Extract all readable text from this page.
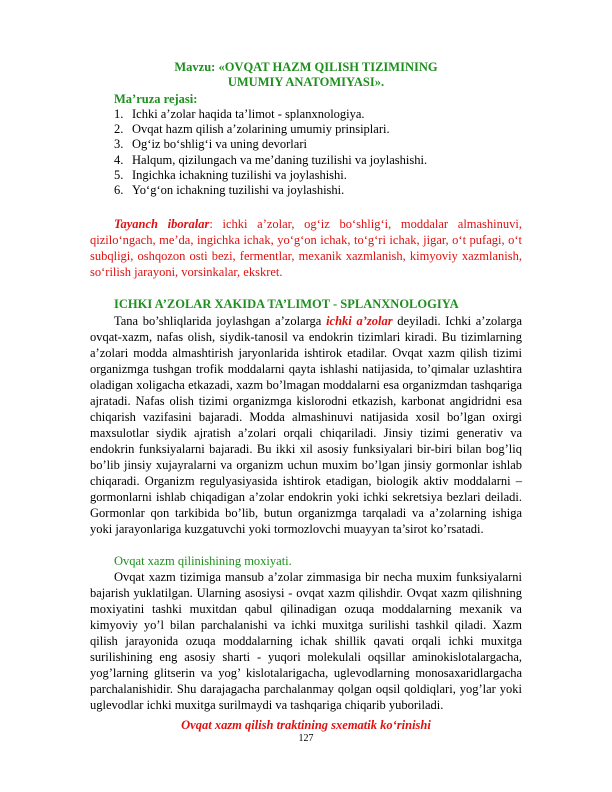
Mavzu: «OVQAT HAZM QILISH TIZIMINING
UMUMIY ANATOMIYASI».
Ma’ruza rejasi:
1. Ichki a’zolar haqida ta’limot - splanxnologiya.
2. Ovqat hazm qilish a’zolarining umumiy prinsiplari.
3. Og‘iz bo‘shlig‘i va uning devorlari
4. Halqum, qizilungach va me’daning tuzilishi va joylashishi.
5. Ingichka ichakning tuzilishi va joylashishi.
6. Yo‘g‘on ichakning tuzilishi va joylashishi.

Tayanch iboralar: ichki a’zolar, og‘iz bo‘shlig‘i, moddalar almashinuvi, qizilo‘ngach, me’da, ingichka ichak, yo‘g‘on ichak, to‘g‘ri ichak, jigar, o‘t pufagi, o‘t subqligi, oshqozon osti bezi, fermentlar, mexanik xazmlanish, kimyoviy xazmlanish, so‘rilish jarayoni, vorsinkalar, ekskret.

ICHKI A’ZOLAR XAKIDA TA’LIMOT - SPLANXNOLOGIYA

Tana bo’shliqlarida joylashgan a’zolarga ichki a’zolar deyiladi. Ichki a’zolarga ovqat-xazm, nafas olish, siydik-tanosil va endokrin tizimlari kiradi. Bu tizimlarning a’zolari modda almashtirish jaryonlarida ishtirok etadilar. Ovqat xazm qilish tizimi organizmga tushgan trofik moddalarni qayta ishlashi natijasida, to’qimalar uzlashtira oladigan xoligacha etkazadi, xazm bo’lmagan moddalarni esa organizmdan tashqariga ajratadi. Nafas olish tizimi organizmga kislorodni etkazish, karbonat angidridni esa chiqarish vazifasini bajaradi. Modda almashinuvi natijasida xosil bo’lgan oxirgi maxsulotlar siydik ajratish a’zolari orqali chiqariladi. Jinsiy tizimi generativ va endokrin funksiyalarni bajaradi. Bu ikki xil asosiy funksiyalari bir-biri bilan bog’liq bo’lib jinsiy xujayralarni va organizm uchun muxim bo’lgan jinsiy gormonlar ishlab chiqaradi. Organizm regulyasiyasida ishtirok etadigan, biologik aktiv moddalarni – gormonlarni ishlab chiqadigan a’zolar endokrin yoki ichki sekretsiya bezlari deiladi. Gormonlar qon tarkibida bo’lib, butun organizmga tarqaladi va a’zolarning ishiga yoki jarayonlariga kuzgatuvchi yoki tormozlovchi muayyan ta’sirot ko’rsatadi.

Ovqat xazm qilinishining moxiyati.

Ovqat xazm tizimiga mansub a’zolar zimmasiga bir necha muxim funksiyalarni bajarish yuklatilgan. Ularning asosiysi - ovqat xazm qilishdir. Ovqat xazm qilishning moxiyatini tashki muxitdan qabul qilinadigan ozuqa moddalarning mexanik va kimyoviy yo’l bilan parchalanishi va ichki muxitga surilishi tashkil qiladi. Xazm qilish jarayonida ozuqa moddalarning ichak shillik qavati orqali ichki muxitga surilishining eng asosiy sharti - yuqori molekulali oqsillar aminokislotalargacha, yog’larning glitserin va yog’ kislotalarigacha, uglevodlarning monosaxaridlargacha parchalanishidir. Shu darajagacha parchalanmay qolgan oqsil qoldiqlari, yog’lar yoki uglevodlar ichki muxitga surilmaydi va tashqariga chiqarib yuboriladi.

Ovqat xazm qilish traktining sxematik ko‘rinishi
127
